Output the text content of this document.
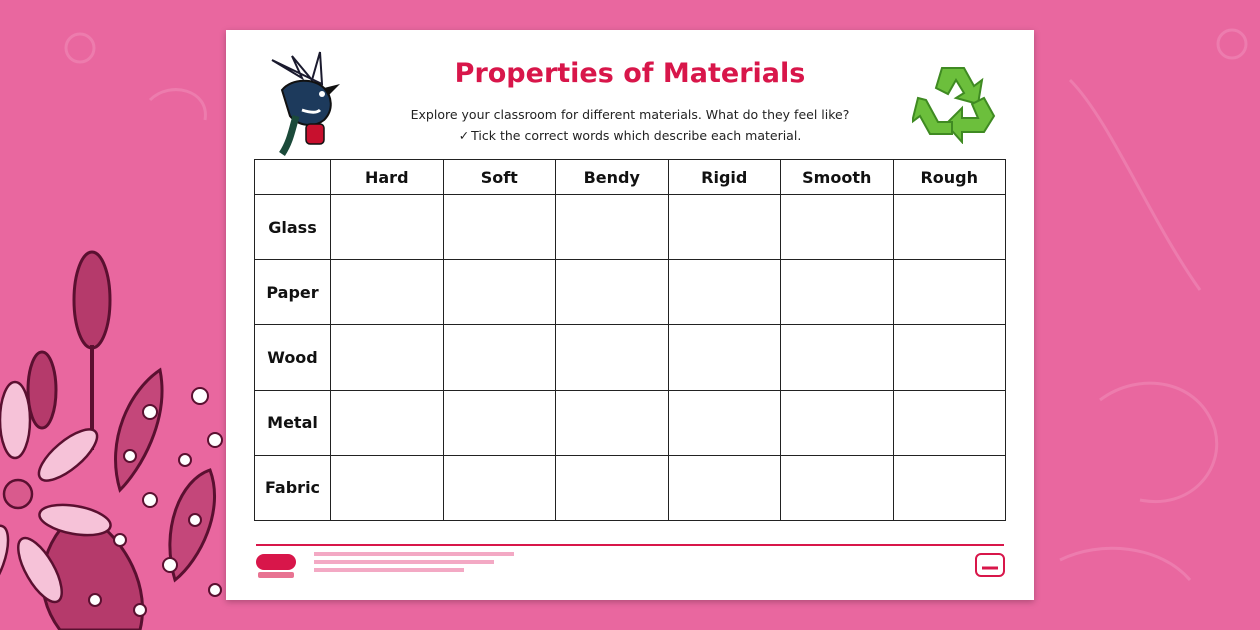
Properties of Materials

Explore your classroom for different materials. What do they feel like?

✓ Tick the correct words which describe each material.

	Hard	Soft	Bendy	Rigid	Smooth	Rough
Glass						
Paper						
Wood						
Metal						
Fabric						
